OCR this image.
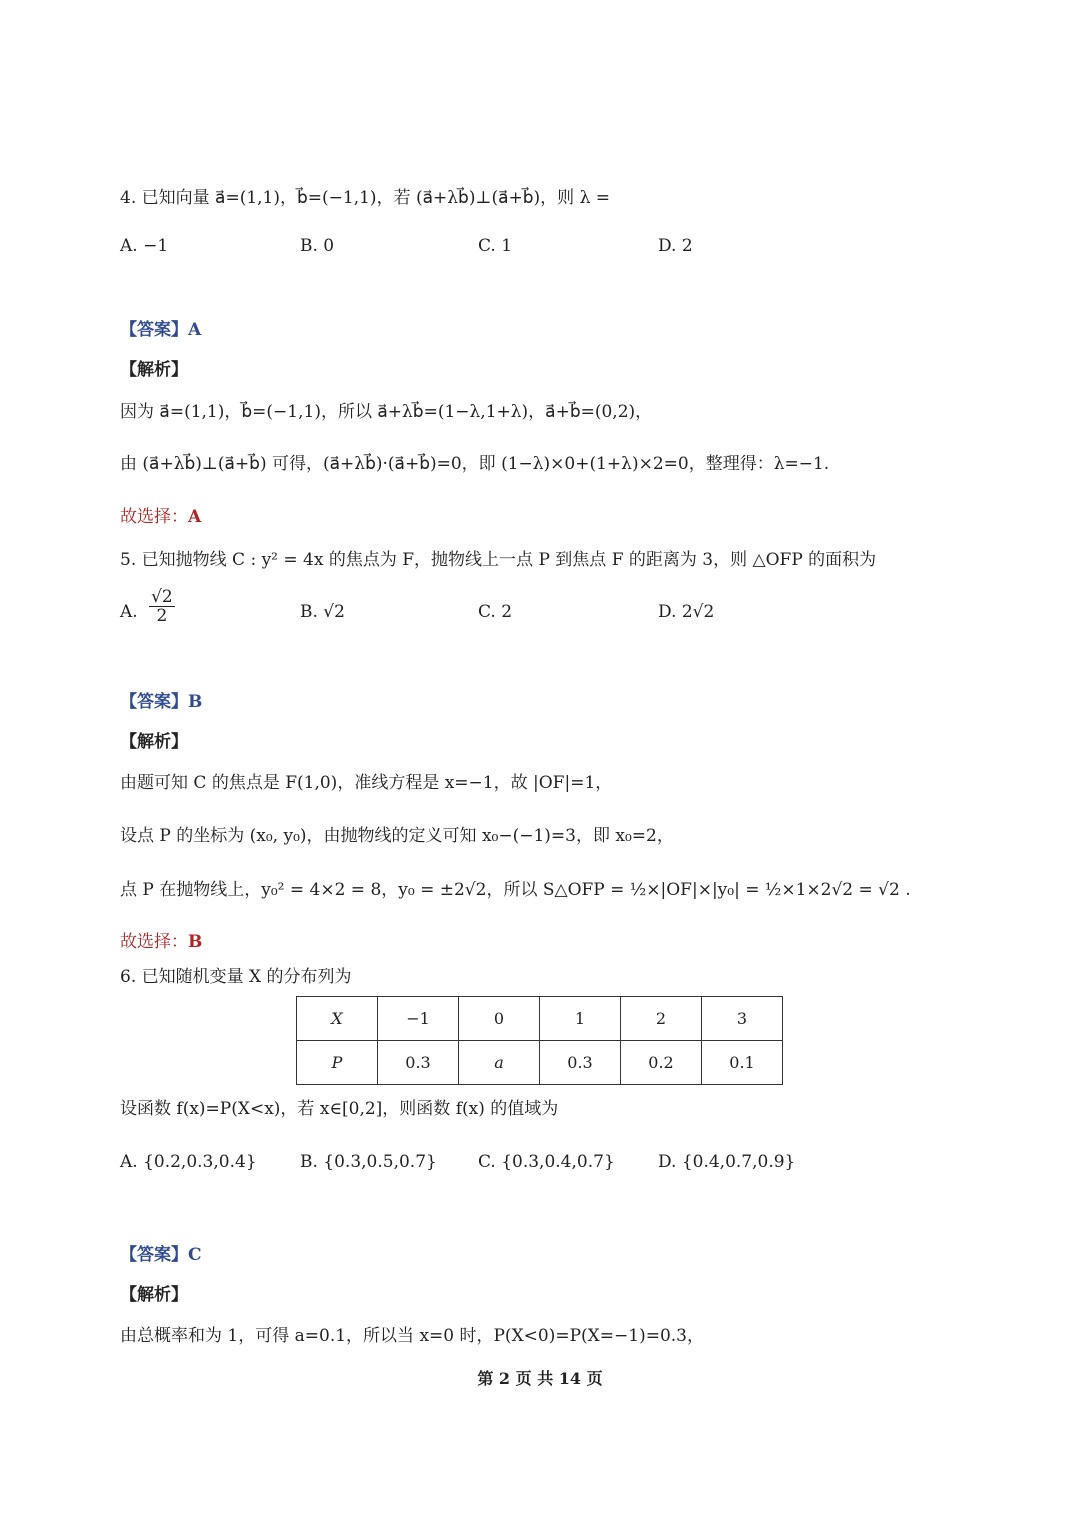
4. 已知向量 a⃗=(1,1)，b⃗=(−1,1)，若 (a⃗+λb⃗)⊥(a⃗+b⃗)，则 λ =
A. −1	B. 0	C. 1	D. 2
【答案】A
【解析】
因为 a⃗=(1,1)，b⃗=(−1,1)，所以 a⃗+λb⃗=(1−λ,1+λ)，a⃗+b⃗=(0,2)，
由 (a⃗+λb⃗)⊥(a⃗+b⃗) 可得，(a⃗+λb⃗)·(a⃗+b⃗)=0，即 (1−λ)×0+(1+λ)×2=0，整理得：λ=−1.
故选择：A
5. 已知抛物线 C : y² = 4x 的焦点为 F，抛物线上一点 P 到焦点 F 的距离为 3，则 △OFP 的面积为
A. $\frac{√2}{2}$	B. √2	C. 2	D. 2√2
【答案】B
【解析】
由题可知 C 的焦点是 F(1,0)，准线方程是 x=−1，故 |OF|=1，
设点 P 的坐标为 (x₀, y₀)，由抛物线的定义可知 x₀−(−1)=3，即 x₀=2，
点 P 在抛物线上，y₀² = 4×2 = 8，y₀ = ±2√2，所以 S△OFP = ½×|OF|×|y₀| = ½×1×2√2 = √2 .
故选择：B
6. 已知随机变量 X 的分布列为
X	−1	0	1	2	3
P	0.3	a	0.3	0.2	0.1
设函数 f(x)=P(X<x)，若 x∈[0,2]，则函数 f(x) 的值域为
A. {0.2,0.3,0.4}	B. {0.3,0.5,0.7} C. {0.3,0.4,0.7}	D. {0.4,0.7,0.9}
【答案】C
【解析】
由总概率和为 1，可得 a=0.1，所以当 x=0 时，P(X<0)=P(X=−1)=0.3，
第 2 页 共 14 页
